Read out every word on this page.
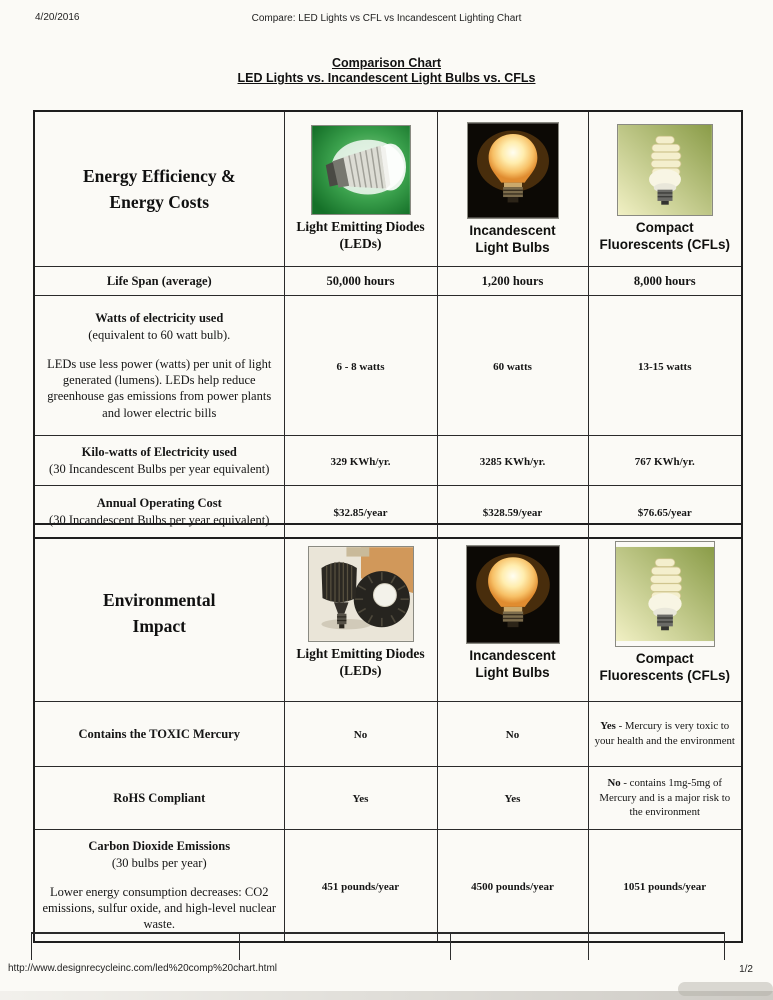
4/20/2016	Compare: LED Lights vs CFL vs Incandescent Lighting Chart
Comparison Chart
LED Lights vs. Incandescent Light Bulbs vs. CFLs
Energy Efficiency & Energy Costs	Light Emitting Diodes (LEDs)	Incandescent Light Bulbs	Compact Fluorescents (CFLs)

Life Span (average)	50,000 hours	1,200 hours	8,000 hours

Watts of electricity used
(equivalent to 60 watt bulb).
LEDs use less power (watts) per unit of light generated (lumens). LEDs help reduce greenhouse gas emissions from power plants and lower electric bills	6 - 8 watts	60 watts	13-15 watts

Kilo-watts of Electricity used
(30 Incandescent Bulbs per year equivalent)	329 KWh/yr.	3285 KWh/yr.	767 KWh/yr.

Annual Operating Cost
(30 Incandescent Bulbs per year equivalent)	$32.85/year	$328.59/year	$76.65/year
Environmental Impact	Light Emitting Diodes (LEDs)	Incandescent Light Bulbs	Compact Fluorescents (CFLs)

Contains the TOXIC Mercury	No	No	Yes - Mercury is very toxic to your health and the environment

RoHS Compliant	Yes	Yes	No - contains 1mg-5mg of Mercury and is a major risk to the environment

Carbon Dioxide Emissions
(30 bulbs per year)
Lower energy consumption decreases: CO2 emissions, sulfur oxide, and high-level nuclear waste.	451 pounds/year	4500 pounds/year	1051 pounds/year
http://www.designrecycleinc.com/led%20comp%20chart.html	1/2
